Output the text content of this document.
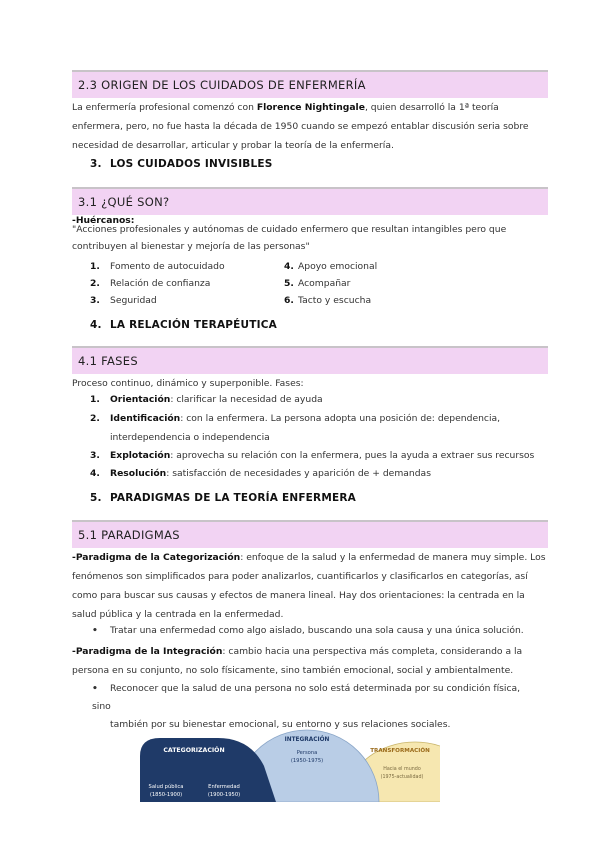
2.3 ORIGEN DE LOS CUIDADOS DE ENFERMERÍA
La enfermería profesional comenzó con Florence Nightingale, quien desarrolló la 1ª teoría enfermera, pero, no fue hasta la década de 1950 cuando se empezó entablar discusión seria sobre necesidad de desarrollar, articular y probar la teoría de la enfermería.
3. LOS CUIDADOS INVISIBLES
3.1 ¿QUÉ SON?
-Huércanos:
"Acciones profesionales y autónomas de cuidado enfermero que resultan intangibles pero que contribuyen al bienestar y mejoría de las personas"
1. Fomento de autocuidado
2. Relación de confianza
3. Seguridad
4. Apoyo emocional
5. Acompañar
6. Tacto y escucha
4. LA RELACIÓN TERAPÉUTICA
4.1 FASES
Proceso continuo, dinámico y superponible. Fases:
1. Orientación: clarificar la necesidad de ayuda
2. Identificación: con la enfermera. La persona adopta una posición de: dependencia,
interdependencia o independencia
3. Explotación: aprovecha su relación con la enfermera, pues la ayuda a extraer sus recursos
4. Resolución: satisfacción de necesidades y aparición de + demandas
5. PARADIGMAS DE LA TEORÍA ENFERMERA
5.1 PARADIGMAS
-Paradigma de la Categorización: enfoque de la salud y la enfermedad de manera muy simple. Los fenómenos son simplificados para poder analizarlos, cuantificarlos y clasificarlos en categorías, así como para buscar sus causas y efectos de manera lineal. Hay dos orientaciones: la centrada en la salud pública y la centrada en la enfermedad.
• Tratar una enfermedad como algo aislado, buscando una sola causa y una única solución.
-Paradigma de la Integración: cambio hacia una perspectiva más completa, considerando a la persona en su conjunto, no solo físicamente, sino también emocional, social y ambientalmente.
• Reconocer que la salud de una persona no solo está determinada por su condición física, sino
también por su bienestar emocional, su entorno y sus relaciones sociales.
CATEGORIZACIÓN
Salud pública
(1850-1900)
Enfermedad
(1900-1950)
INTEGRACIÓN
Persona
(1950-1975)
TRANSFORMACIÓN
Hacia el mundo
(1975-actualidad)
